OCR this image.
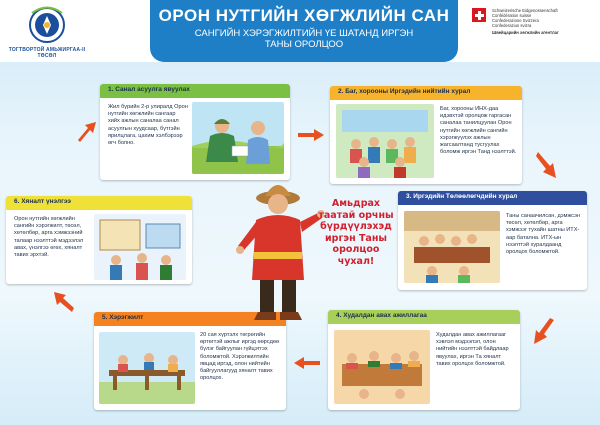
ТОГТВОРТОЙ АМЬЖИРГАА-II ТӨСӨЛ
ОРОН НУТГИЙН ХӨГЖЛИЙН САН
САНГИЙН ХЭРЭГЖИЛТИЙН ҮЕ ШАТАНД ИРГЭН
ТАНЫ ОРОЛЦОО
Schweizerische Eidgenossenschaft
Confédération suisse
Confederazione Svizzera
Confederaziun svizra
Швейцарийн хөгжлийн агентлаг
1. Санал асуулга явуулах
Жил бүрийн 2-р улиралд Орон нутгийн хөгжлийн сангаар хийх ажлын саналаа санал асуулгын хуудсаар, бүтгэйн ярилцлага, цахим хэлбэрээр өгч болно.
2. Баг, хорооны Иргэдийн нийтийн хурал
Баг, хорооны ИНХ-даа идэвхтэй оролцож гаргасан саналаа танилцуулан Орон нутгийн хөгжлийн сангийн хэрэгжүүлэх ажлын жагсаалтанд тусгуулах боломж иргэн Танд нээлттэй.
3. Иргэдийн Төлөөлөгчдийн хурал
Таны санаачилсан, дэмжсэн төсөл, хөтөлбөр, арга хэмжээг тухайн шатны ИТХ-аар батална. ИТХ-ын нээлттэй хуралдаанд оролцох боломжтой.
4. Худалдан авах ажиллагаа
Худалдан авах ажиллагааг хэвлэл мэдээлэл, олон нийтийн нээлттэй байдлаар явуулах, иргэн Та хяналт тавих оролцох боломжтой.
5. Хэрэгжилт
20 сая хүртэлх төгрөгийн өртөгтэй ажлыг иргэд өөрсдөө бүлэг байгуулан гүйцэтгэх боломжтой. Хэрэгжилтийн явцад иргэд, олон нийтийн байгууллагууд хяналт тавих оролцох.
6. Хяналт үнэлгээ
Орон нутгийн хөгжлийн сангийн хэрэгжилт, төсөл, хөтөлбөр, арга хэмжээний талаар нээлттэй мэдээлэл авах, үнэлгээ өгөх, хяналт тавих эрхтэй.
Амьдрах таатай орчны бүрдүүлэхэд иргэн Таны оролцоо чухал!
